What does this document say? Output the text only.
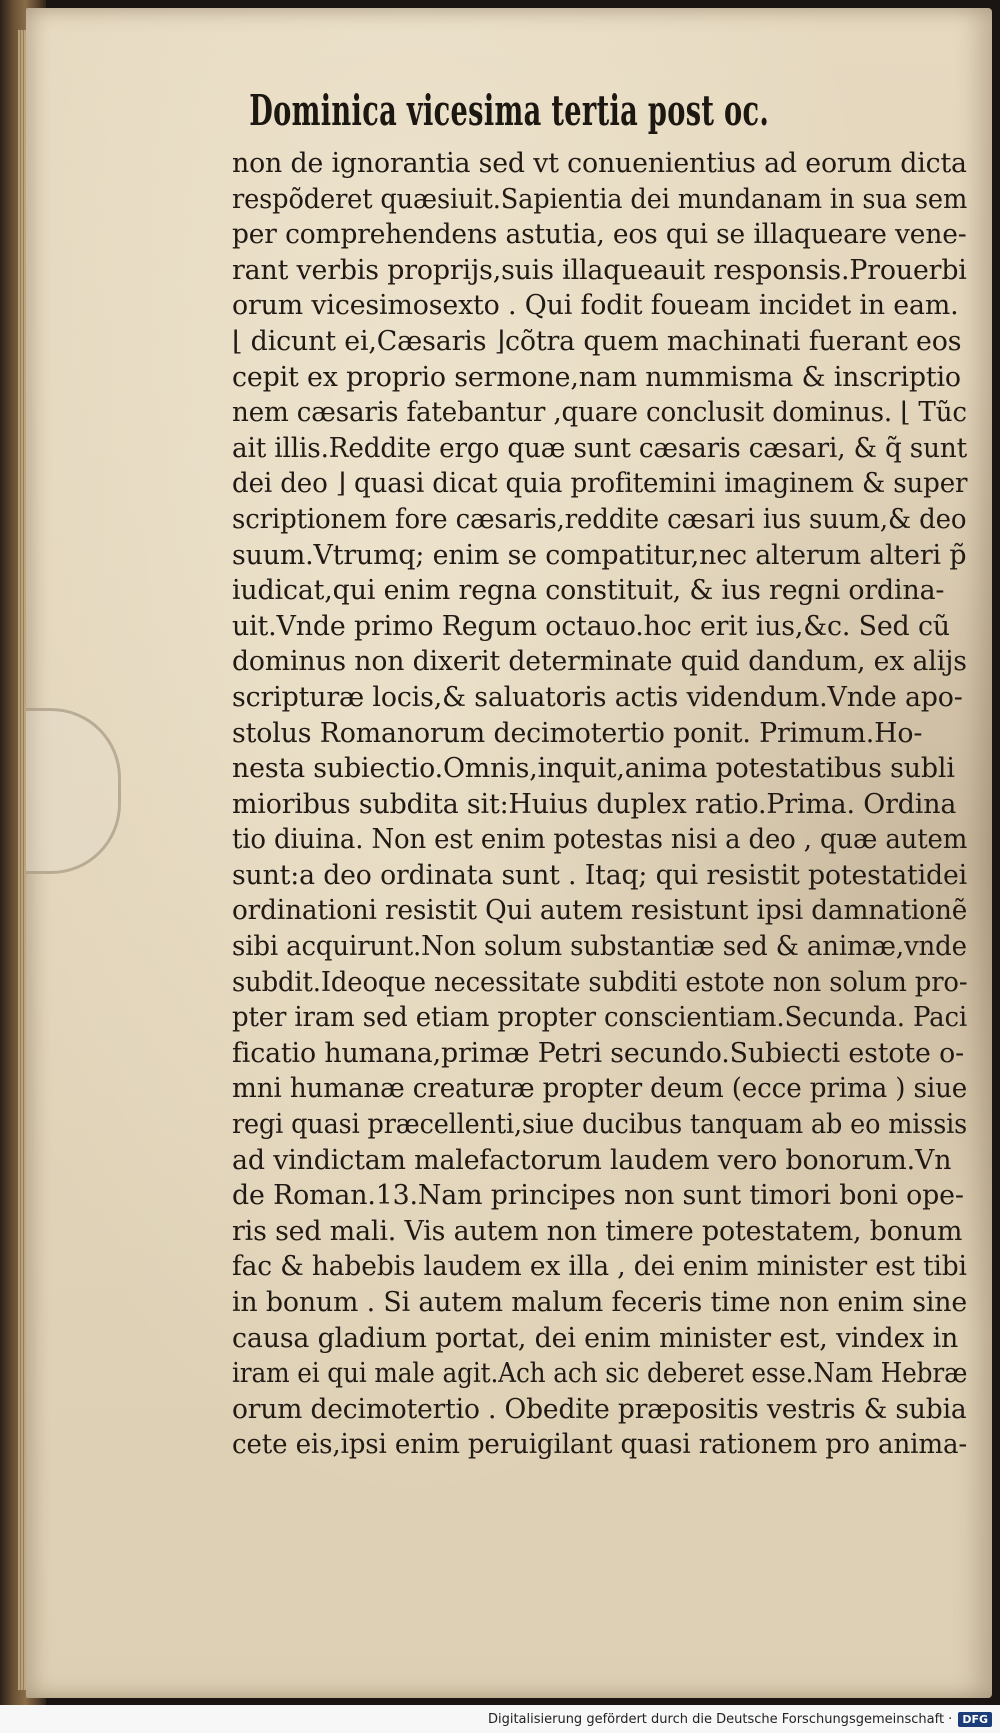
Dominica vicesima tertia post oc.
non de ignorantia sed vt conuenientius ad eorum dicta
respõderet quæsiuit.Sapientia dei mundanam in sua sem
per comprehendens astutia, eos qui se illaqueare vene-
rant verbis proprijs,suis illaqueauit responsis.Prouerbi
orum vicesimosexto . Qui fodit foueam incidet in eam.
⌊ dicunt ei,Cæsaris ⌋cõtra quem machinati fuerant eos
cepit ex proprio sermone,nam nummisma & inscriptio
nem cæsaris fatebantur ,quare conclusit dominus. ⌊ Tũc
ait illis.Reddite ergo quæ sunt cæsaris cæsari, & q̃ sunt
dei deo ⌋ quasi dicat quia profitemini imaginem & super
scriptionem fore cæsaris,reddite cæsari ius suum,& deo
suum.Vtrumq; enim se compatitur,nec alterum alteri p̃
iudicat,qui enim regna constituit, & ius regni ordina-
uit.Vnde primo Regum octauo.hoc erit ius,&c. Sed cũ
dominus non dixerit determinate quid dandum, ex alijs
scripturæ locis,& saluatoris actis videndum.Vnde apo-
stolus Romanorum decimotertio ponit. Primum.Ho-
nesta subiectio.Omnis,inquit,anima potestatibus subli
mioribus subdita sit:Huius duplex ratio.Prima. Ordina
tio diuina. Non est enim potestas nisi a deo , quæ autem
sunt:a deo ordinata sunt . Itaq; qui resistit potestatidei
ordinationi resistit Qui autem resistunt ipsi damnationẽ
sibi acquirunt.Non solum substantiæ sed & animæ,vnde
subdit.Ideoque necessitate subditi estote non solum pro-
pter iram sed etiam propter conscientiam.Secunda. Paci
ficatio humana,primæ Petri secundo.Subiecti estote o-
mni humanæ creaturæ propter deum (ecce prima ) siue
regi quasi præcellenti,siue ducibus tanquam ab eo missis
ad vindictam malefactorum laudem vero bonorum.Vn
de Roman.13.Nam principes non sunt timori boni ope-
ris sed mali. Vis autem non timere potestatem, bonum
fac & habebis laudem ex illa , dei enim minister est tibi
in bonum . Si autem malum feceris time non enim sine
causa gladium portat, dei enim minister est, vindex in
iram ei qui male agit.Ach ach sic deberet esse.Nam Hebræ
orum decimotertio . Obedite præpositis vestris & subia
cete eis,ipsi enim peruigilant quasi rationem pro anima-
Digitalisierung gefördert durch die Deutsche Forschungsgemeinschaft · DFG
